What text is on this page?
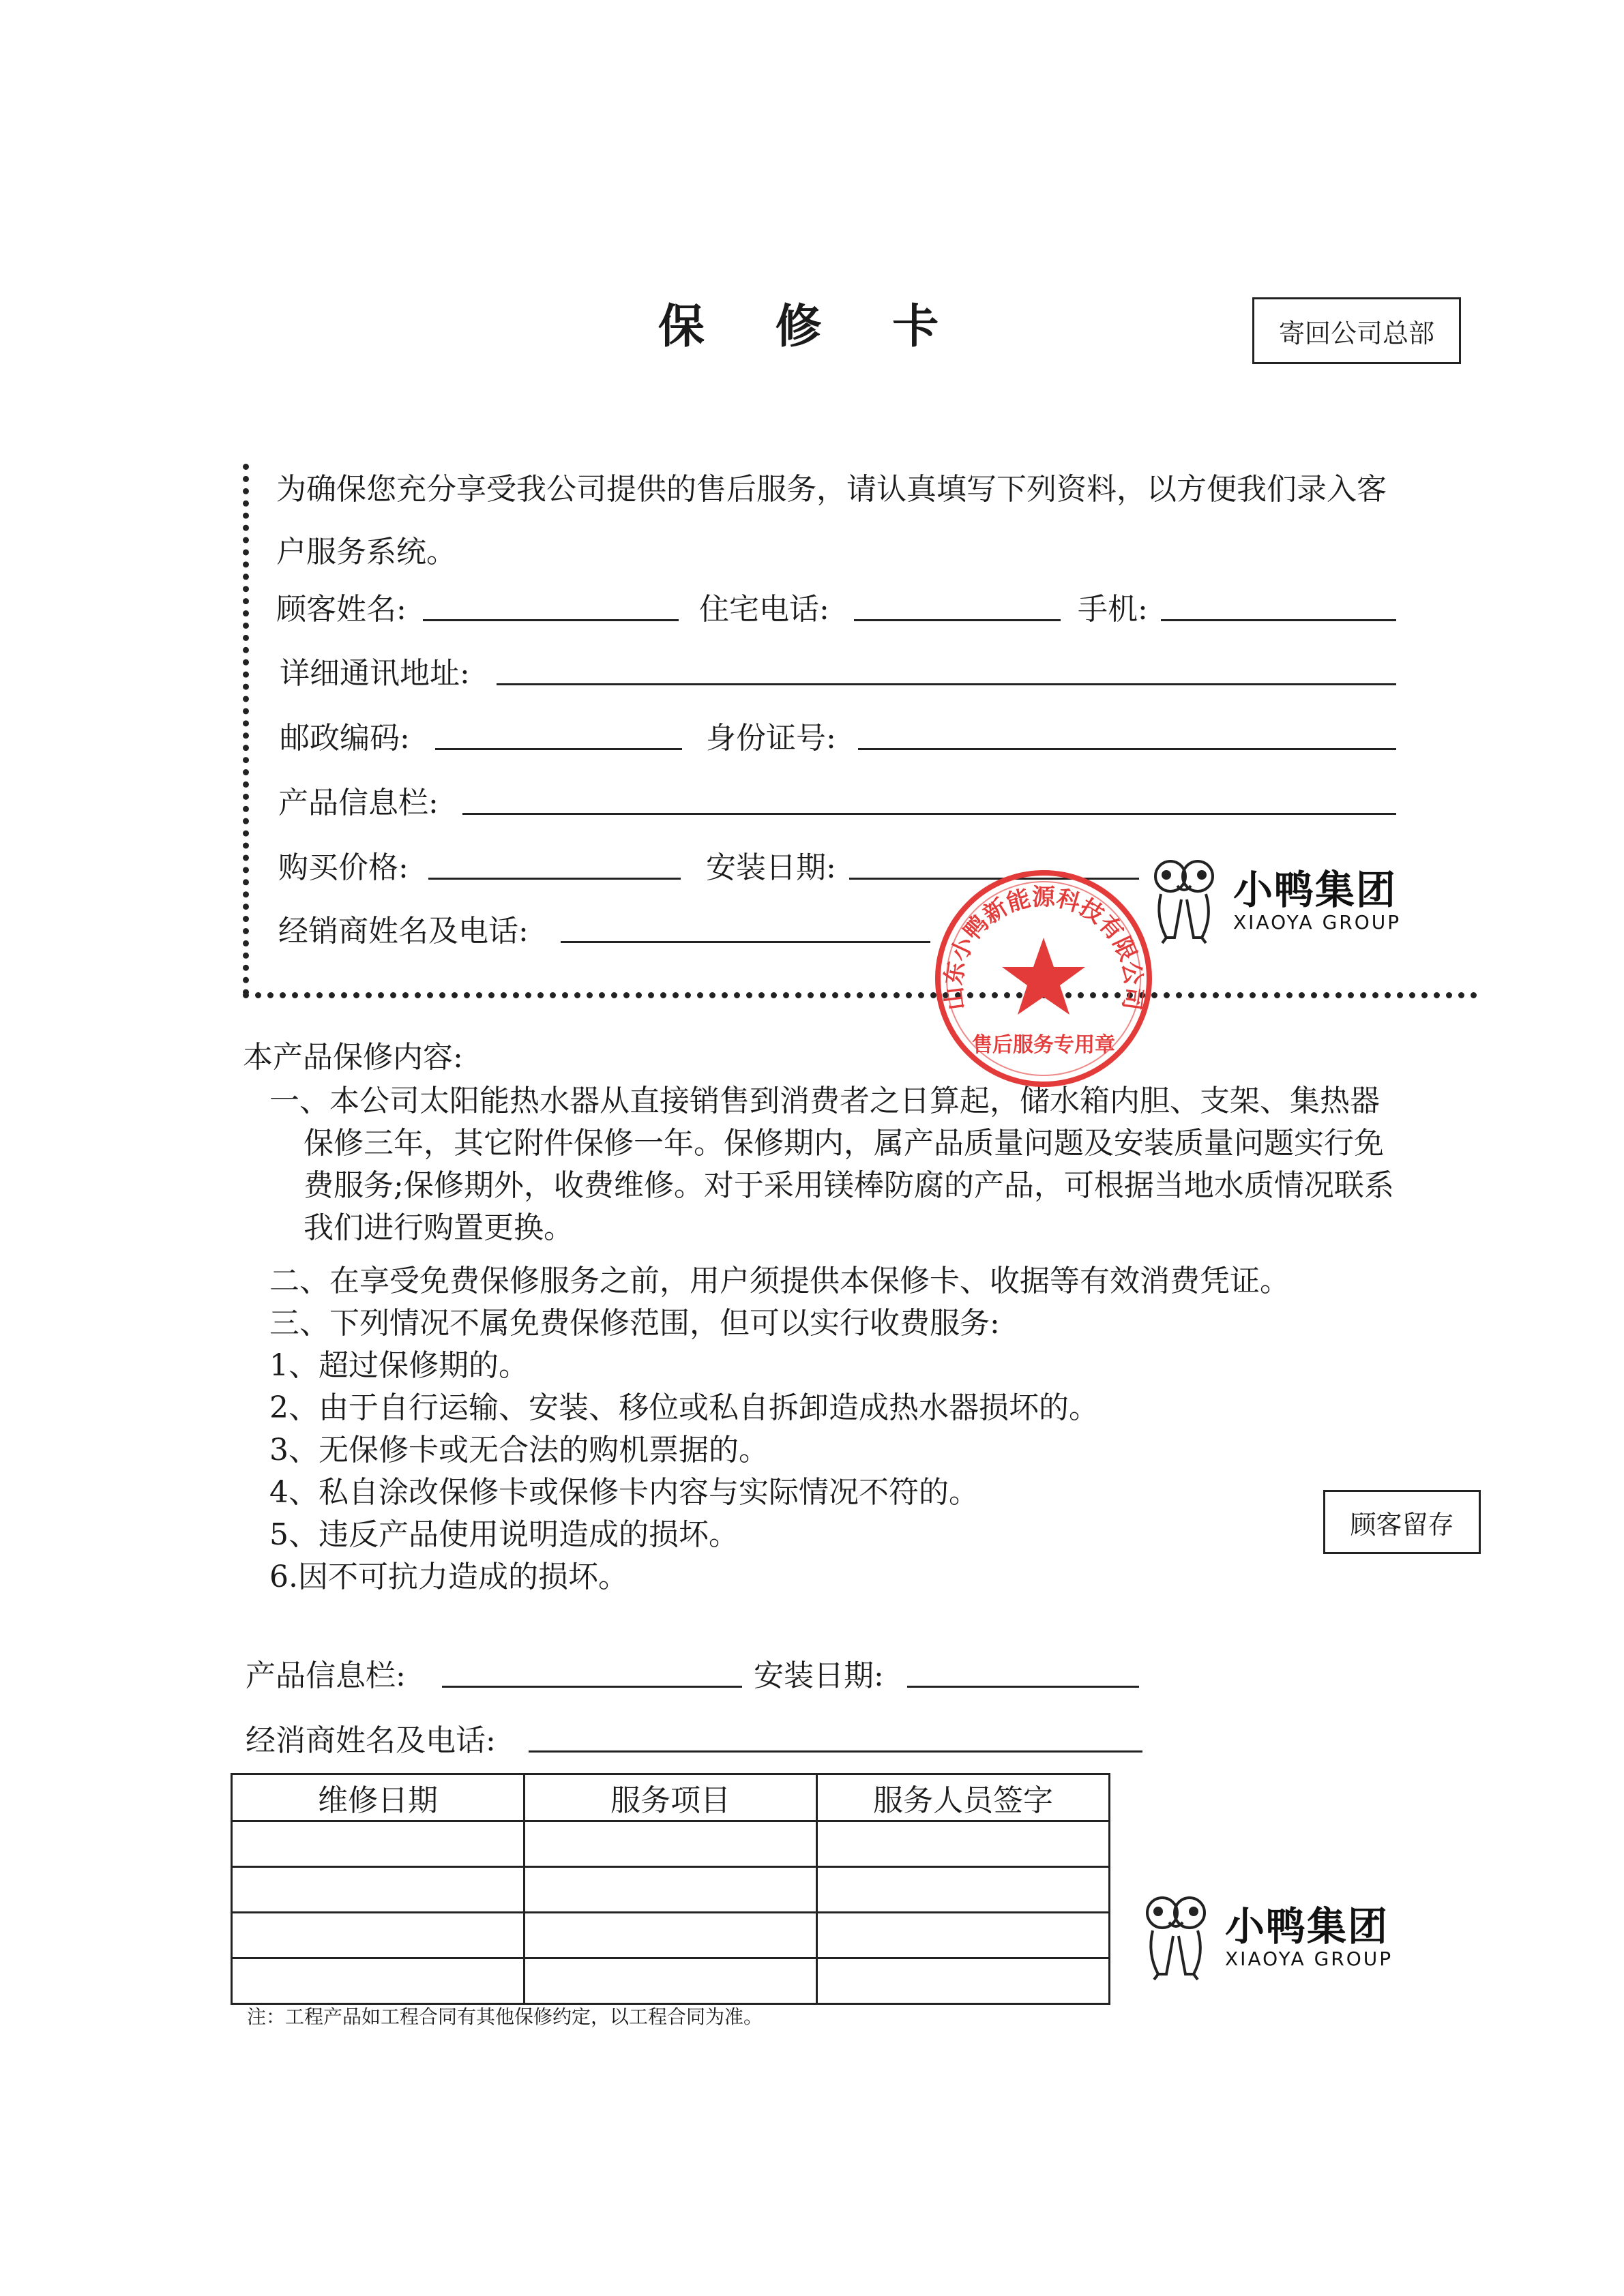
保 修 卡	寄回公司总部
为确保您充分享受我公司提供的售后服务，请认真填写下列资料，以方便我们录入客户服务系统。
顾客姓名:	住宅电话:	手机:
详细通讯地址:
邮政编码:	身份证号:
产品信息栏:
购买价格:	安装日期:
经销商姓名及电话:
小鸭集团
XIAOYA GROUP
本产品保修内容:
一、本公司太阳能热水器从直接销售到消费者之日算起，储水箱内胆、支架、集热器保修三年，其它附件保修一年。保修期内，属产品质量问题及安装质量问题实行免费服务;保修期外，收费维修。对于采用镁棒防腐的产品，可根据当地水质情况联系我们进行购置更换。
二、在享受免费保修服务之前，用户须提供本保修卡、收据等有效消费凭证。
三、下列情况不属免费保修范围，但可以实行收费服务:
1、超过保修期的。
2、由于自行运输、安装、移位或私自拆卸造成热水器损坏的。
3、无保修卡或无合法的购机票据的。
4、私自涂改保修卡或保修卡内容与实际情况不符的。
5、违反产品使用说明造成的损坏。
6.因不可抗力造成的损坏。
顾客留存
产品信息栏:	安装日期:
经消商姓名及电话:
维修日期	服务项目	服务人员签字

小鸭集团
XIAOYA GROUP
注：工程产品如工程合同有其他保修约定，以工程合同为准。
山东小鸭新能源科技有限公司
售后服务专用章
